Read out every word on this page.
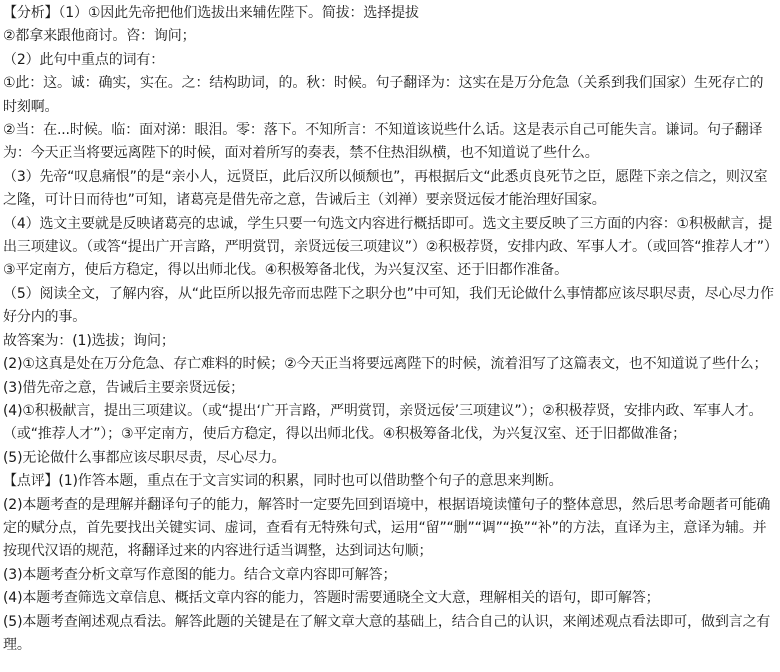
【分析】（1）①因此先帝把他们选拔出来辅佐陛下。简拔：选择提拔

②都拿来跟他商讨。咨：询问；

（2）此句中重点的词有：

①此：这。诚：确实，实在。之：结构助词，的。秋：时候。句子翻译为：这实在是万分危急（关系到我们国家）生死存亡的时刻啊。

②当：在...时候。临：面对涕：眼泪。零：落下。不知所言：不知道该说些什么话。这是表示自己可能失言。谦词。句子翻译为：今天正当将要远离陛下的时候，面对着所写的奏表，禁不住热泪纵横，也不知道说了些什么。

（3）先帝“叹息痛恨”的是“亲小人，远贤臣，此后汉所以倾颓也”，再根据后文“此悉贞良死节之臣，愿陛下亲之信之，则汉室之隆，可计日而待也”可知，诸葛亮是借先帝之意，告诫后主（刘禅）要亲贤远佞才能治理好国家。

（4）选文主要就是反映诸葛亮的忠诚，学生只要一句选文内容进行概括即可。选文主要反映了三方面的内容：①积极献言，提出三项建议。（或答“提出广开言路，严明赏罚，亲贤远佞三项建议”）②积极荐贤，安排内政、军事人才。（或回答“推荐人才”）③平定南方，使后方稳定，得以出师北伐。④积极筹备北伐，为兴复汉室、还于旧都作准备。

（5）阅读全文，了解内容，从“此臣所以报先帝而忠陛下之职分也”中可知，我们无论做什么事情都应该尽职尽责，尽心尽力作好分内的事。

故答案为：(1)选拔；询问；

(2)①这真是处在万分危急、存亡难料的时候；②今天正当将要远离陛下的时候，流着泪写了这篇表文，也不知道说了些什么；

(3)借先帝之意，告诫后主要亲贤远佞；

(4)①积极献言，提出三项建议。（或“提出‘广开言路，严明赏罚，亲贤远佞’三项建议”）；②积极荐贤，安排内政、军事人才。（或“推荐人才”）；③平定南方，使后方稳定，得以出师北伐。④积极筹备北伐，为兴复汉室、还于旧都做准备；

(5)无论做什么事都应该尽职尽责，尽心尽力。

【点评】(1)作答本题，重点在于文言实词的积累，同时也可以借助整个句子的意思来判断。

(2)本题考查的是理解并翻译句子的能力，解答时一定要先回到语境中，根据语境读懂句子的整体意思，然后思考命题者可能确定的赋分点，首先要找出关键实词、虚词，查看有无特殊句式，运用“留”“删”“调”“换”“补”的方法，直译为主，意译为辅。并按现代汉语的规范，将翻译过来的内容进行适当调整，达到词达句顺；

(3)本题考查分析文章写作意图的能力。结合文章内容即可解答；

(4)本题考查筛选文章信息、概括文章内容的能力，答题时需要通晓全文大意，理解相关的语句，即可解答；

(5)本题考查阐述观点看法。解答此题的关键是在了解文章大意的基础上，结合自己的认识，来阐述观点看法即可，做到言之有理。
